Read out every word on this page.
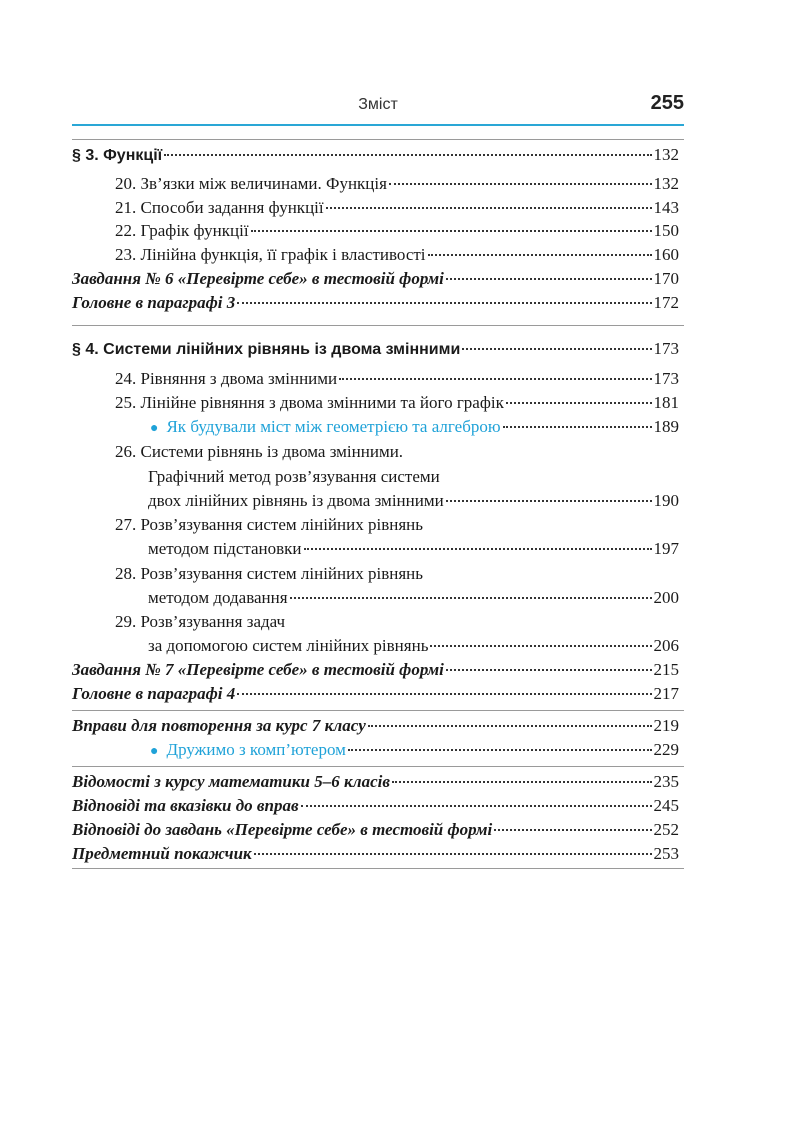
Зміст	255
§ 3. Функції	132
20. Зв’язки між величинами. Функція	132
21. Способи задання функції	143
22. Графік функції	150
23. Лінійна функція, її графік і властивості	160
Завдання № 6 «Перевірте себе» в тестовій формі	170
Головне в параграфі 3	172
§ 4. Системи лінійних рівнянь із двома змінними	173
24. Рівняння з двома змінними	173
25. Лінійне рівняння з двома змінними та його графік	181
● Як будували міст між геометрією та алгеброю	189
26. Системи рівнянь із двома змінними.
Графічний метод розв’язування системи
двох лінійних рівнянь із двома змінними	190
27. Розв’язування систем лінійних рівнянь
методом підстановки	197
28. Розв’язування систем лінійних рівнянь
методом додавання	200
29. Розв’язування задач
за допомогою систем лінійних рівнянь	206
Завдання № 7 «Перевірте себе» в тестовій формі	215
Головне в параграфі 4	217
Вправи для повторення за курс 7 класу	219
● Дружимо з комп’ютером	229
Відомості з курсу математики 5–6 класів	235
Відповіді та вказівки до вправ	245
Відповіді до завдань «Перевірте себе» в тестовій формі	252
Предметний покажчик	253
